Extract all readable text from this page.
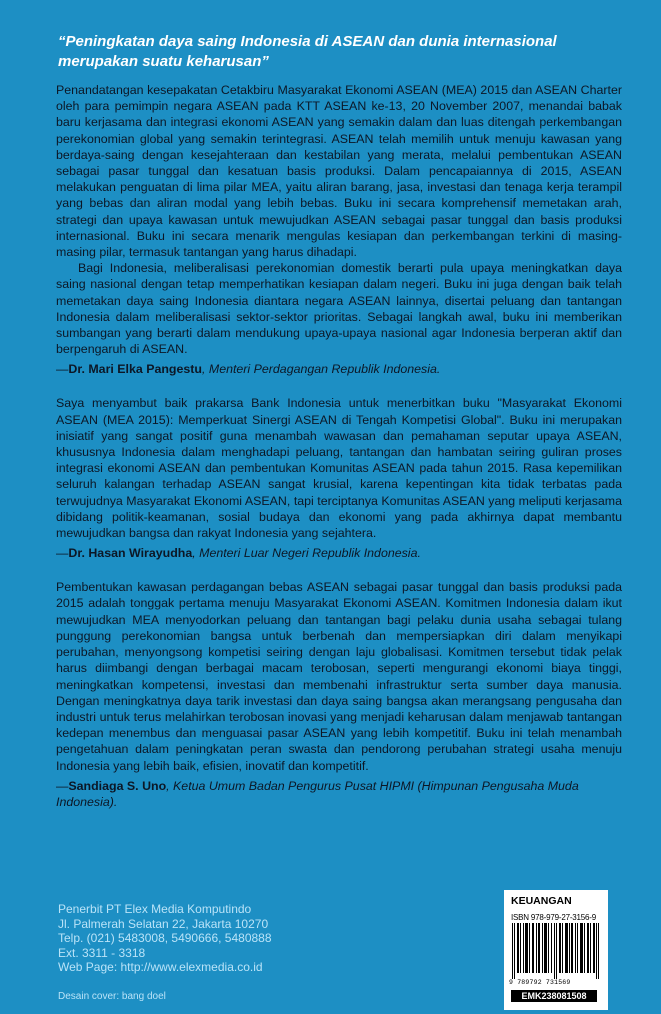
“Peningkatan daya saing Indonesia di ASEAN dan dunia internasional
merupakan suatu keharusan”

Penandatangan kesepakatan Cetakbiru Masyarakat Ekonomi ASEAN (MEA) 2015 dan ASEAN Charter oleh para pemimpin negara ASEAN pada KTT ASEAN ke-13, 20 November 2007, menandai babak baru kerjasama dan integrasi ekonomi ASEAN yang semakin dalam dan luas ditengah perkembangan perekonomian global yang semakin terintegrasi. ASEAN telah memilih untuk menuju kawasan yang berdaya-saing dengan kesejahteraan dan kestabilan yang merata, melalui pembentukan ASEAN sebagai pasar tunggal dan kesatuan basis produksi. Dalam pencapaiannya di 2015, ASEAN melakukan penguatan di lima pilar MEA, yaitu aliran barang, jasa, investasi dan tenaga kerja terampil yang bebas dan aliran modal yang lebih bebas. Buku ini secara komprehensif memetakan arah, strategi dan upaya kawasan untuk mewujudkan ASEAN sebagai pasar tunggal dan basis produksi internasional. Buku ini secara menarik mengulas kesiapan dan perkembangan terkini di masing-masing pilar, termasuk tantangan yang harus dihadapi.

Bagi Indonesia, meliberalisasi perekonomian domestik berarti pula upaya meningkatkan daya saing nasional dengan tetap memperhatikan kesiapan dalam negeri. Buku ini juga dengan baik telah memetakan daya saing Indonesia diantara negara ASEAN lainnya, disertai peluang dan tantangan Indonesia dalam meliberalisasi sektor-sektor prioritas. Sebagai langkah awal, buku ini memberikan sumbangan yang berarti dalam mendukung upaya-upaya nasional agar Indonesia berperan aktif dan berpengaruh di ASEAN.

—Dr. Mari Elka Pangestu, Menteri Perdagangan Republik Indonesia.

Saya menyambut baik prakarsa Bank Indonesia untuk menerbitkan buku "Masyarakat Ekonomi ASEAN (MEA 2015): Memperkuat Sinergi ASEAN di Tengah Kompetisi Global". Buku ini merupakan inisiatif yang sangat positif guna menambah wawasan dan pemahaman seputar upaya ASEAN, khususnya Indonesia dalam menghadapi peluang, tantangan dan hambatan seiring guliran proses integrasi ekonomi ASEAN dan pembentukan Komunitas ASEAN pada tahun 2015. Rasa kepemilikan seluruh kalangan terhadap ASEAN sangat krusial, karena kepentingan kita tidak terbatas pada terwujudnya Masyarakat Ekonomi ASEAN, tapi terciptanya Komunitas ASEAN yang meliputi kerjasama dibidang politik-keamanan, sosial budaya dan ekonomi yang pada akhirnya dapat membantu mewujudkan bangsa dan rakyat Indonesia yang sejahtera.

—Dr. Hasan Wirayudha, Menteri Luar Negeri Republik Indonesia.

Pembentukan kawasan perdagangan bebas ASEAN sebagai pasar tunggal dan basis produksi pada 2015 adalah tonggak pertama menuju Masyarakat Ekonomi ASEAN. Komitmen Indonesia dalam ikut mewujudkan MEA menyodorkan peluang dan tantangan bagi pelaku dunia usaha sebagai tulang punggung perekonomian bangsa untuk berbenah dan mempersiapkan diri dalam menyikapi perubahan, menyongsong kompetisi seiring dengan laju globalisasi. Komitmen tersebut tidak pelak harus diimbangi dengan berbagai macam terobosan, seperti mengurangi ekonomi biaya tinggi, meningkatkan kompetensi, investasi dan membenahi infrastruktur serta sumber daya manusia. Dengan meningkatnya daya tarik investasi dan daya saing bangsa akan merangsang pengusaha dan industri untuk terus melahirkan terobosan inovasi yang menjadi keharusan dalam menjawab tantangan kedepan menembus dan menguasai pasar ASEAN yang lebih kompetitif. Buku ini telah menambah pengetahuan dalam peningkatan peran swasta dan pendorong perubahan strategi usaha menuju Indonesia yang lebih baik, efisien, inovatif dan kompetitif.

—Sandiaga S. Uno, Ketua Umum Badan Pengurus Pusat HIPMI (Himpunan Pengusaha Muda Indonesia).

Penerbit PT Elex Media Komputindo
Jl. Palmerah Selatan 22, Jakarta 10270
Telp. (021) 5483008, 5490666, 5480888
Ext. 3311 - 3318
Web Page: http://www.elexmedia.co.id
Desain cover: bang doel
KEUANGAN
ISBN 978-979-27-3156-9
9 789792 731569
EMK238081508
